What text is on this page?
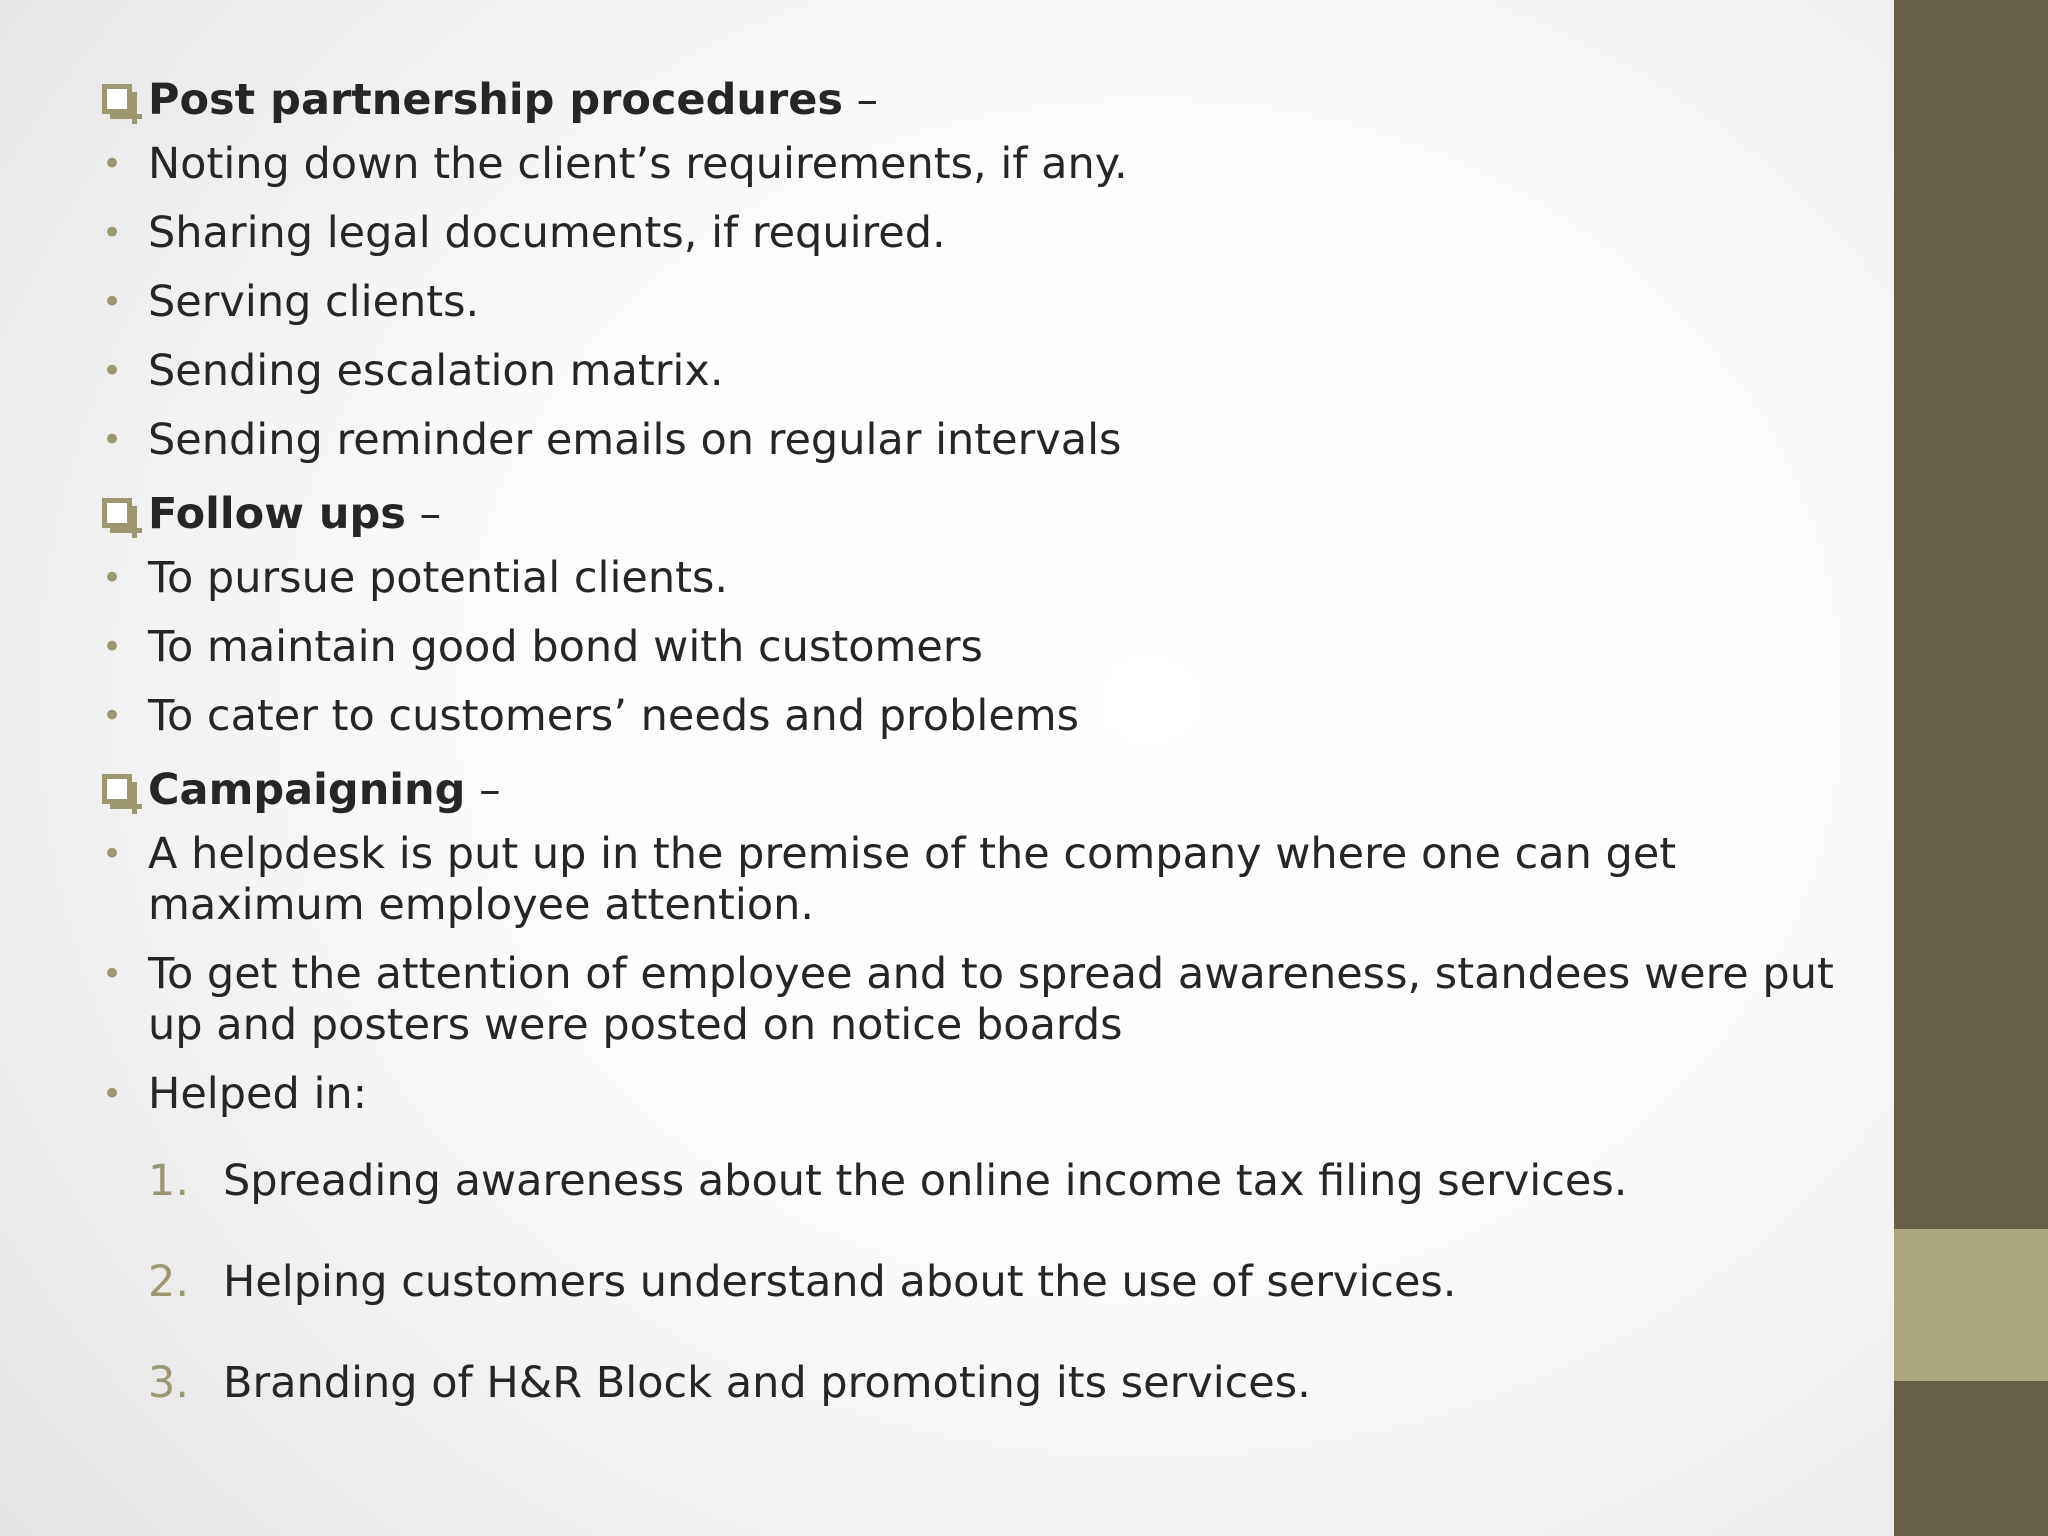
Post partnership procedures –
• Noting down the client’s requirements, if any.
• Sharing legal documents, if required.
• Serving clients.
• Sending escalation matrix.
• Sending reminder emails on regular intervals
Follow ups –
• To pursue potential clients.
• To maintain good bond with customers
• To cater to customers’ needs and problems
Campaigning –
• A helpdesk is put up in the premise of the company where one can get maximum employee attention.
• To get the attention of employee and to spread awareness, standees were put up and posters were posted on notice boards
• Helped in:
1. Spreading awareness about the online income tax filing services.
2. Helping customers understand about the use of services.
3. Branding of H&R Block and promoting its services.
